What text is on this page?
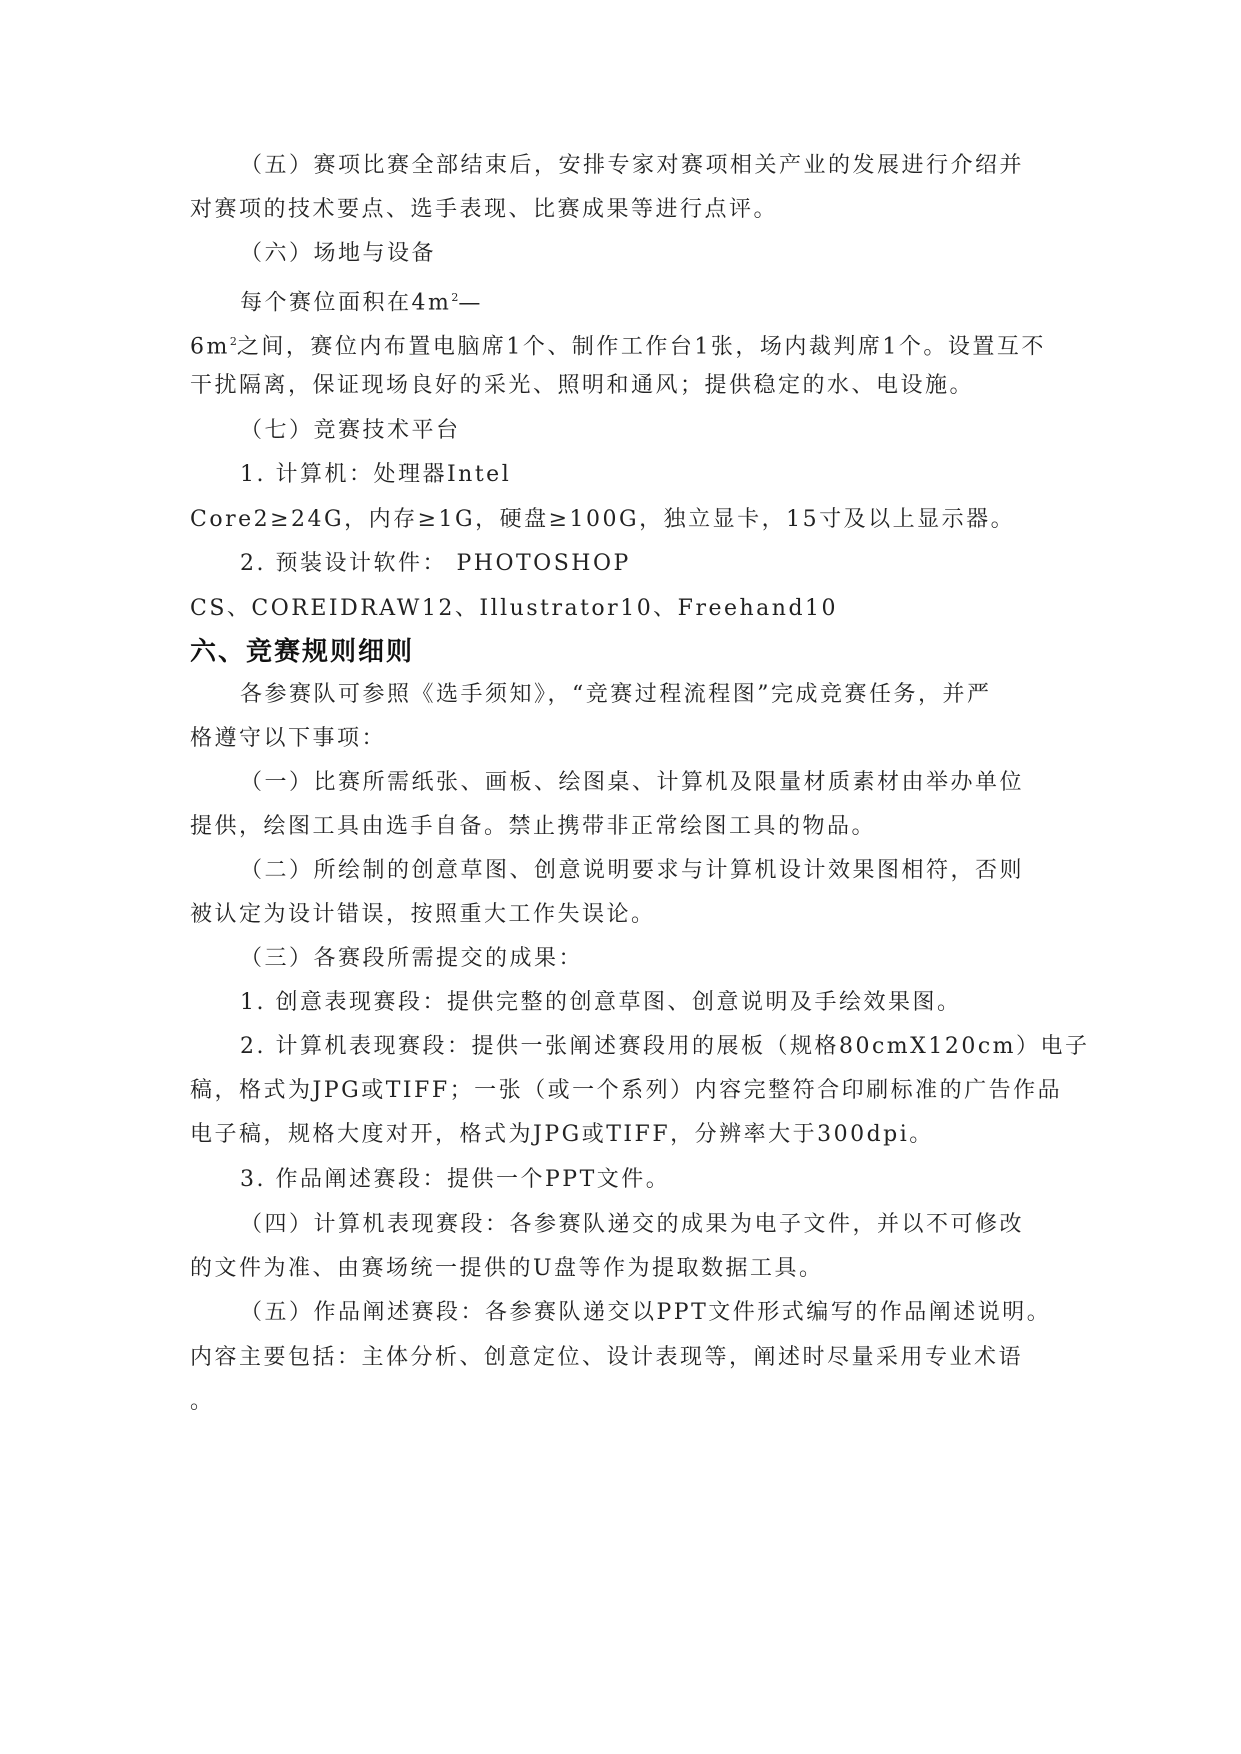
（五）赛项比赛全部结束后，安排专家对赛项相关产业的发展进行介绍并
对赛项的技术要点、选手表现、比赛成果等进行点评。
（六）场地与设备
每个赛位面积在$4m^2—$
$6m^2$之间，赛位内布置电脑席1个、制作工作台1张，场内裁判席1个。设置互不
干扰隔离，保证现场良好的采光、照明和通风；提供稳定的水、电设施。
（七）竞赛技术平台
1. 计算机：处理器Intel
Core2≥24G，内存≥1G，硬盘≥100G，独立显卡，15寸及以上显示器。
2. 预装设计软件： PHOTOSHOP
CS、COREIDRAW12、Illustrator10、Freehand10
六、竞赛规则细则
各参赛队可参照《选手须知》，“竞赛过程流程图”完成竞赛任务，并严
格遵守以下事项：
（一）比赛所需纸张、画板、绘图桌、计算机及限量材质素材由举办单位
提供，绘图工具由选手自备。禁止携带非正常绘图工具的物品。
（二）所绘制的创意草图、创意说明要求与计算机设计效果图相符，否则
被认定为设计错误，按照重大工作失误论。
（三）各赛段所需提交的成果：
1. 创意表现赛段：提供完整的创意草图、创意说明及手绘效果图。
2. 计算机表现赛段：提供一张阐述赛段用的展板（规格80cmX120cm）电子
稿，格式为JPG或TIFF；一张（或一个系列）内容完整符合印刷标准的广告作品
电子稿，规格大度对开，格式为JPG或TIFF，分辨率大于300dpi。
3. 作品阐述赛段：提供一个PPT文件。
（四）计算机表现赛段：各参赛队递交的成果为电子文件，并以不可修改
的文件为准、由赛场统一提供的U盘等作为提取数据工具。
（五）作品阐述赛段：各参赛队递交以PPT文件形式编写的作品阐述说明。
内容主要包括：主体分析、创意定位、设计表现等，阐述时尽量采用专业术语
。
